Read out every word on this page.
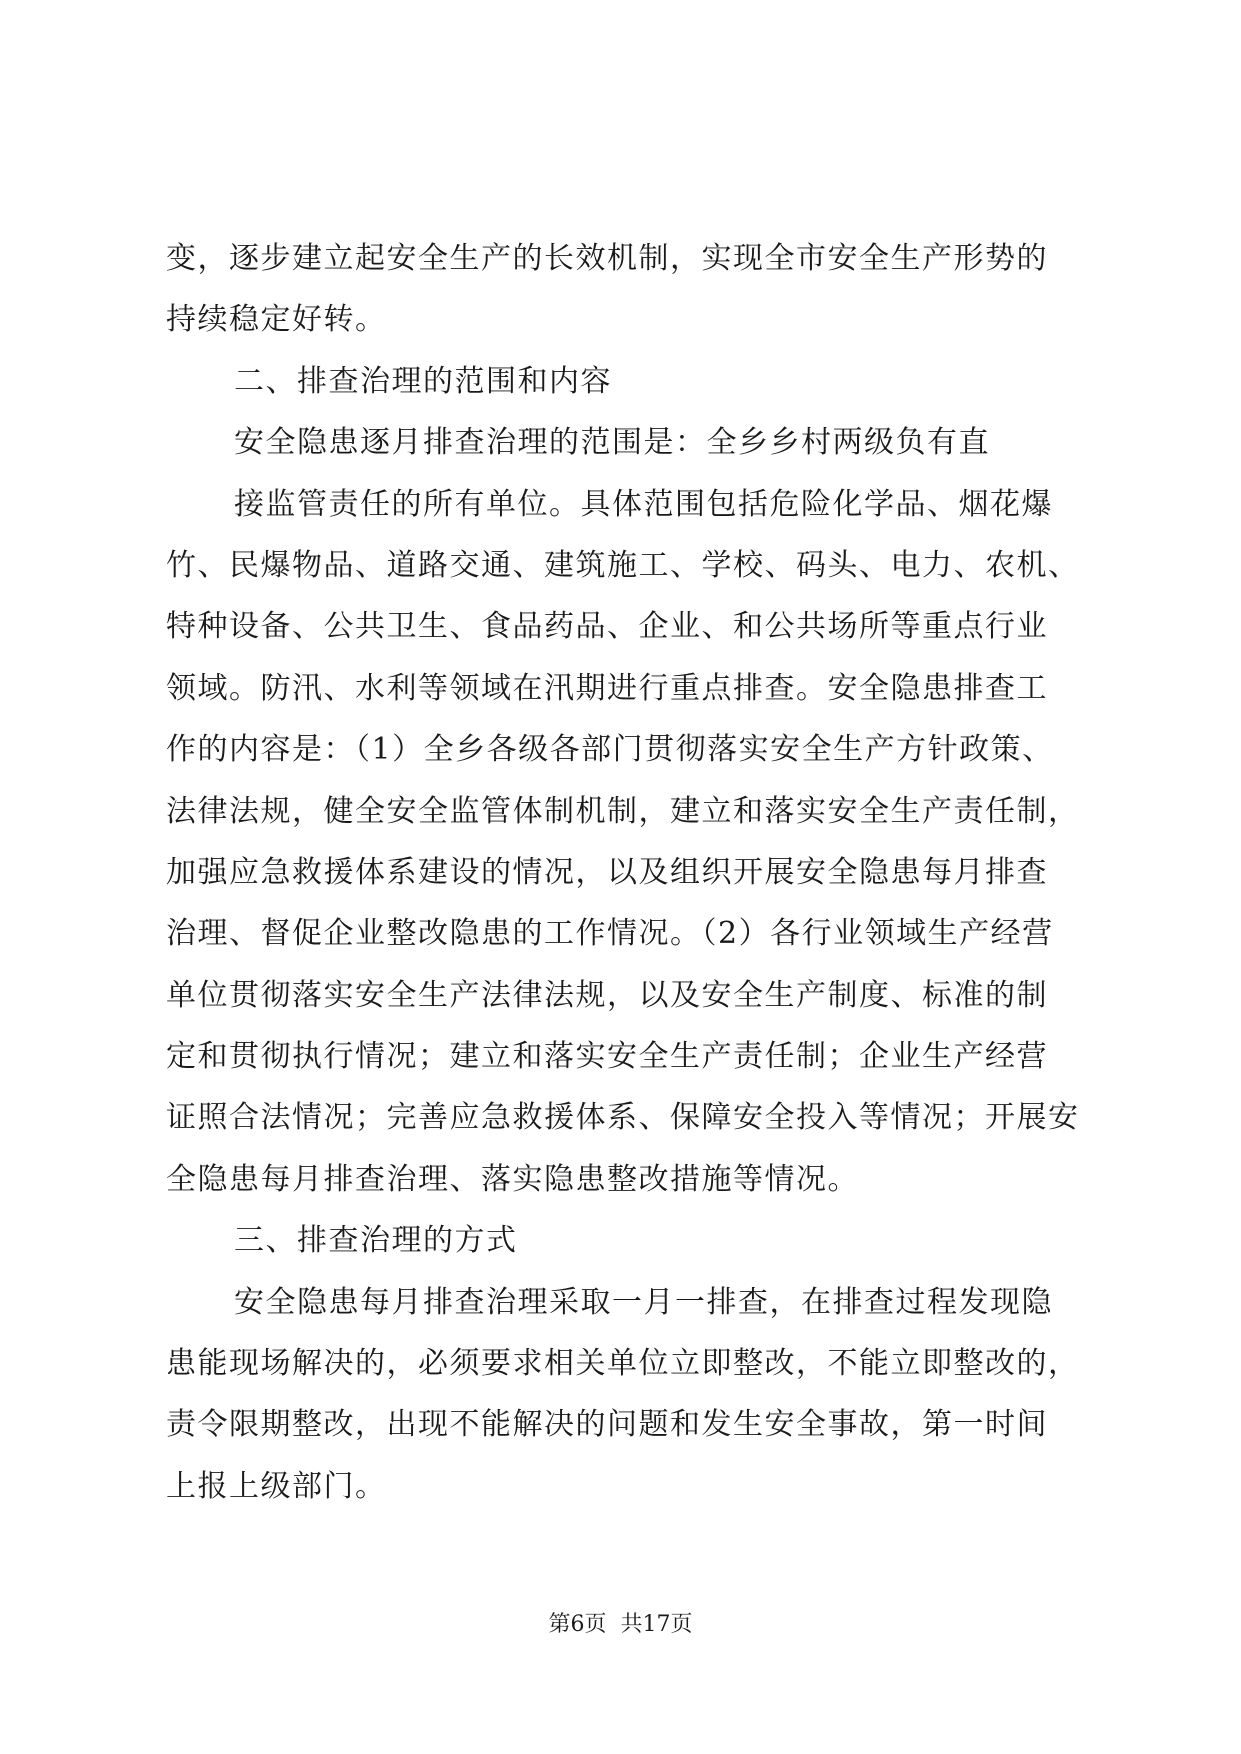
变，逐步建立起安全生产的长效机制，实现全市安全生产形势的
持续稳定好转。
二、排查治理的范围和内容
安全隐患逐月排查治理的范围是：全乡乡村两级负有直
接监管责任的所有单位。具体范围包括危险化学品、烟花爆
竹、民爆物品、道路交通、建筑施工、学校、码头、电力、农机、
特种设备、公共卫生、食品药品、企业、和公共场所等重点行业
领域。防汛、水利等领域在汛期进行重点排查。安全隐患排查工
作的内容是：（1）全乡各级各部门贯彻落实安全生产方针政策、
法律法规，健全安全监管体制机制，建立和落实安全生产责任制，
加强应急救援体系建设的情况，以及组织开展安全隐患每月排查
治理、督促企业整改隐患的工作情况。（2）各行业领域生产经营
单位贯彻落实安全生产法律法规，以及安全生产制度、标准的制
定和贯彻执行情况；建立和落实安全生产责任制；企业生产经营
证照合法情况；完善应急救援体系、保障安全投入等情况；开展安
全隐患每月排查治理、落实隐患整改措施等情况。
三、排查治理的方式
安全隐患每月排查治理采取一月一排查，在排查过程发现隐
患能现场解决的，必须要求相关单位立即整改，不能立即整改的，
责令限期整改，出现不能解决的问题和发生安全事故，第一时间
上报上级部门。
第6页 共17页
